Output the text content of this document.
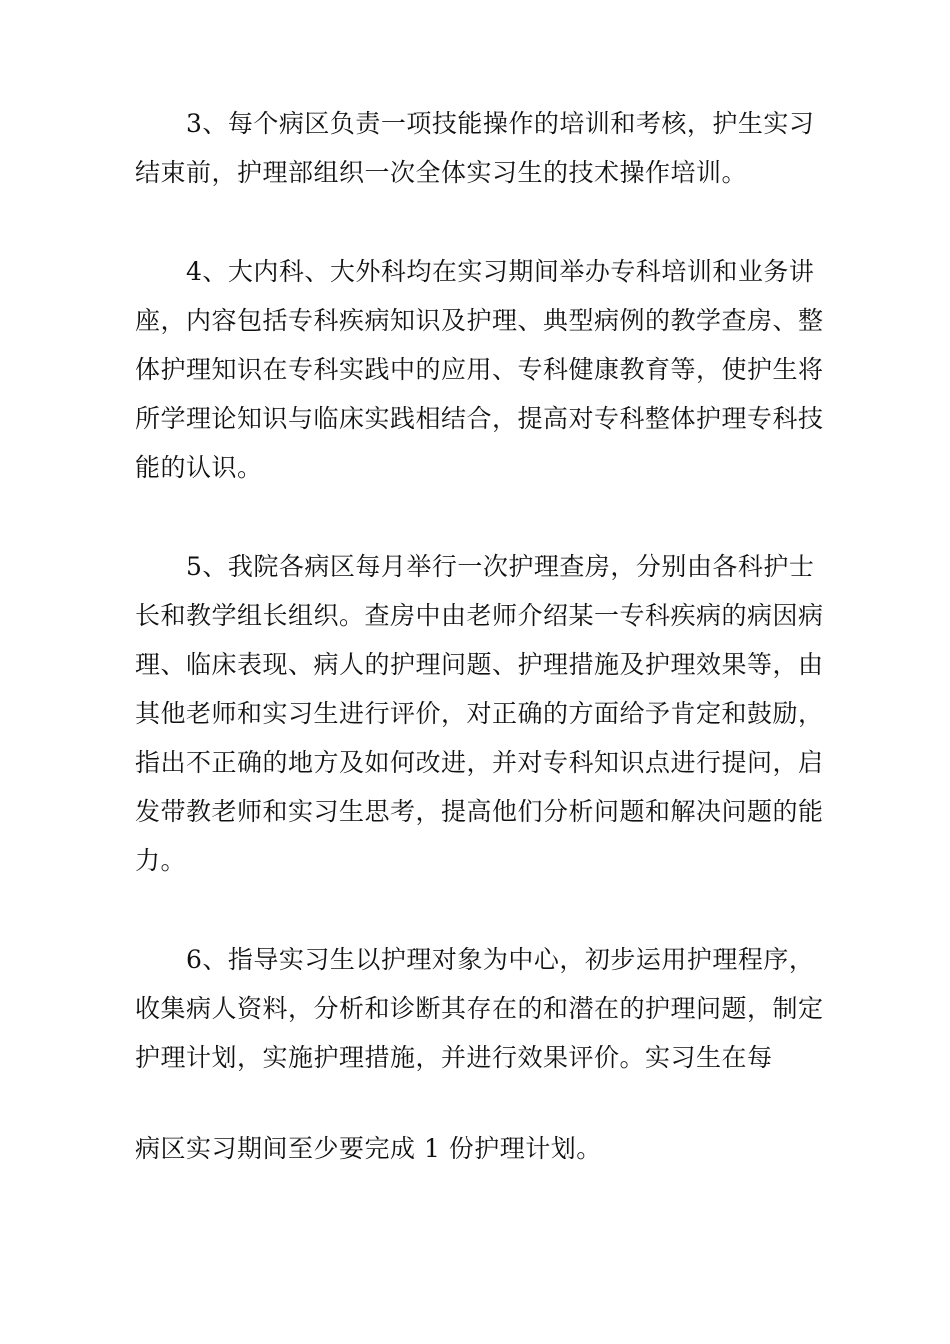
3、每个病区负责一项技能操作的培训和考核，护生实习
结束前，护理部组织一次全体实习生的技术操作培训。
4、大内科、大外科均在实习期间举办专科培训和业务讲
座，内容包括专科疾病知识及护理、典型病例的教学查房、整
体护理知识在专科实践中的应用、专科健康教育等，使护生将
所学理论知识与临床实践相结合，提高对专科整体护理专科技
能的认识。
5、我院各病区每月举行一次护理查房，分别由各科护士
长和教学组长组织。查房中由老师介绍某一专科疾病的病因病
理、临床表现、病人的护理问题、护理措施及护理效果等，由
其他老师和实习生进行评价，对正确的方面给予肯定和鼓励，
指出不正确的地方及如何改进，并对专科知识点进行提问，启
发带教老师和实习生思考，提高他们分析问题和解决问题的能
力。
6、指导实习生以护理对象为中心，初步运用护理程序，
收集病人资料，分析和诊断其存在的和潜在的护理问题，制定
护理计划，实施护理措施，并进行效果评价。实习生在每
病区实习期间至少要完成 1 份护理计划。
